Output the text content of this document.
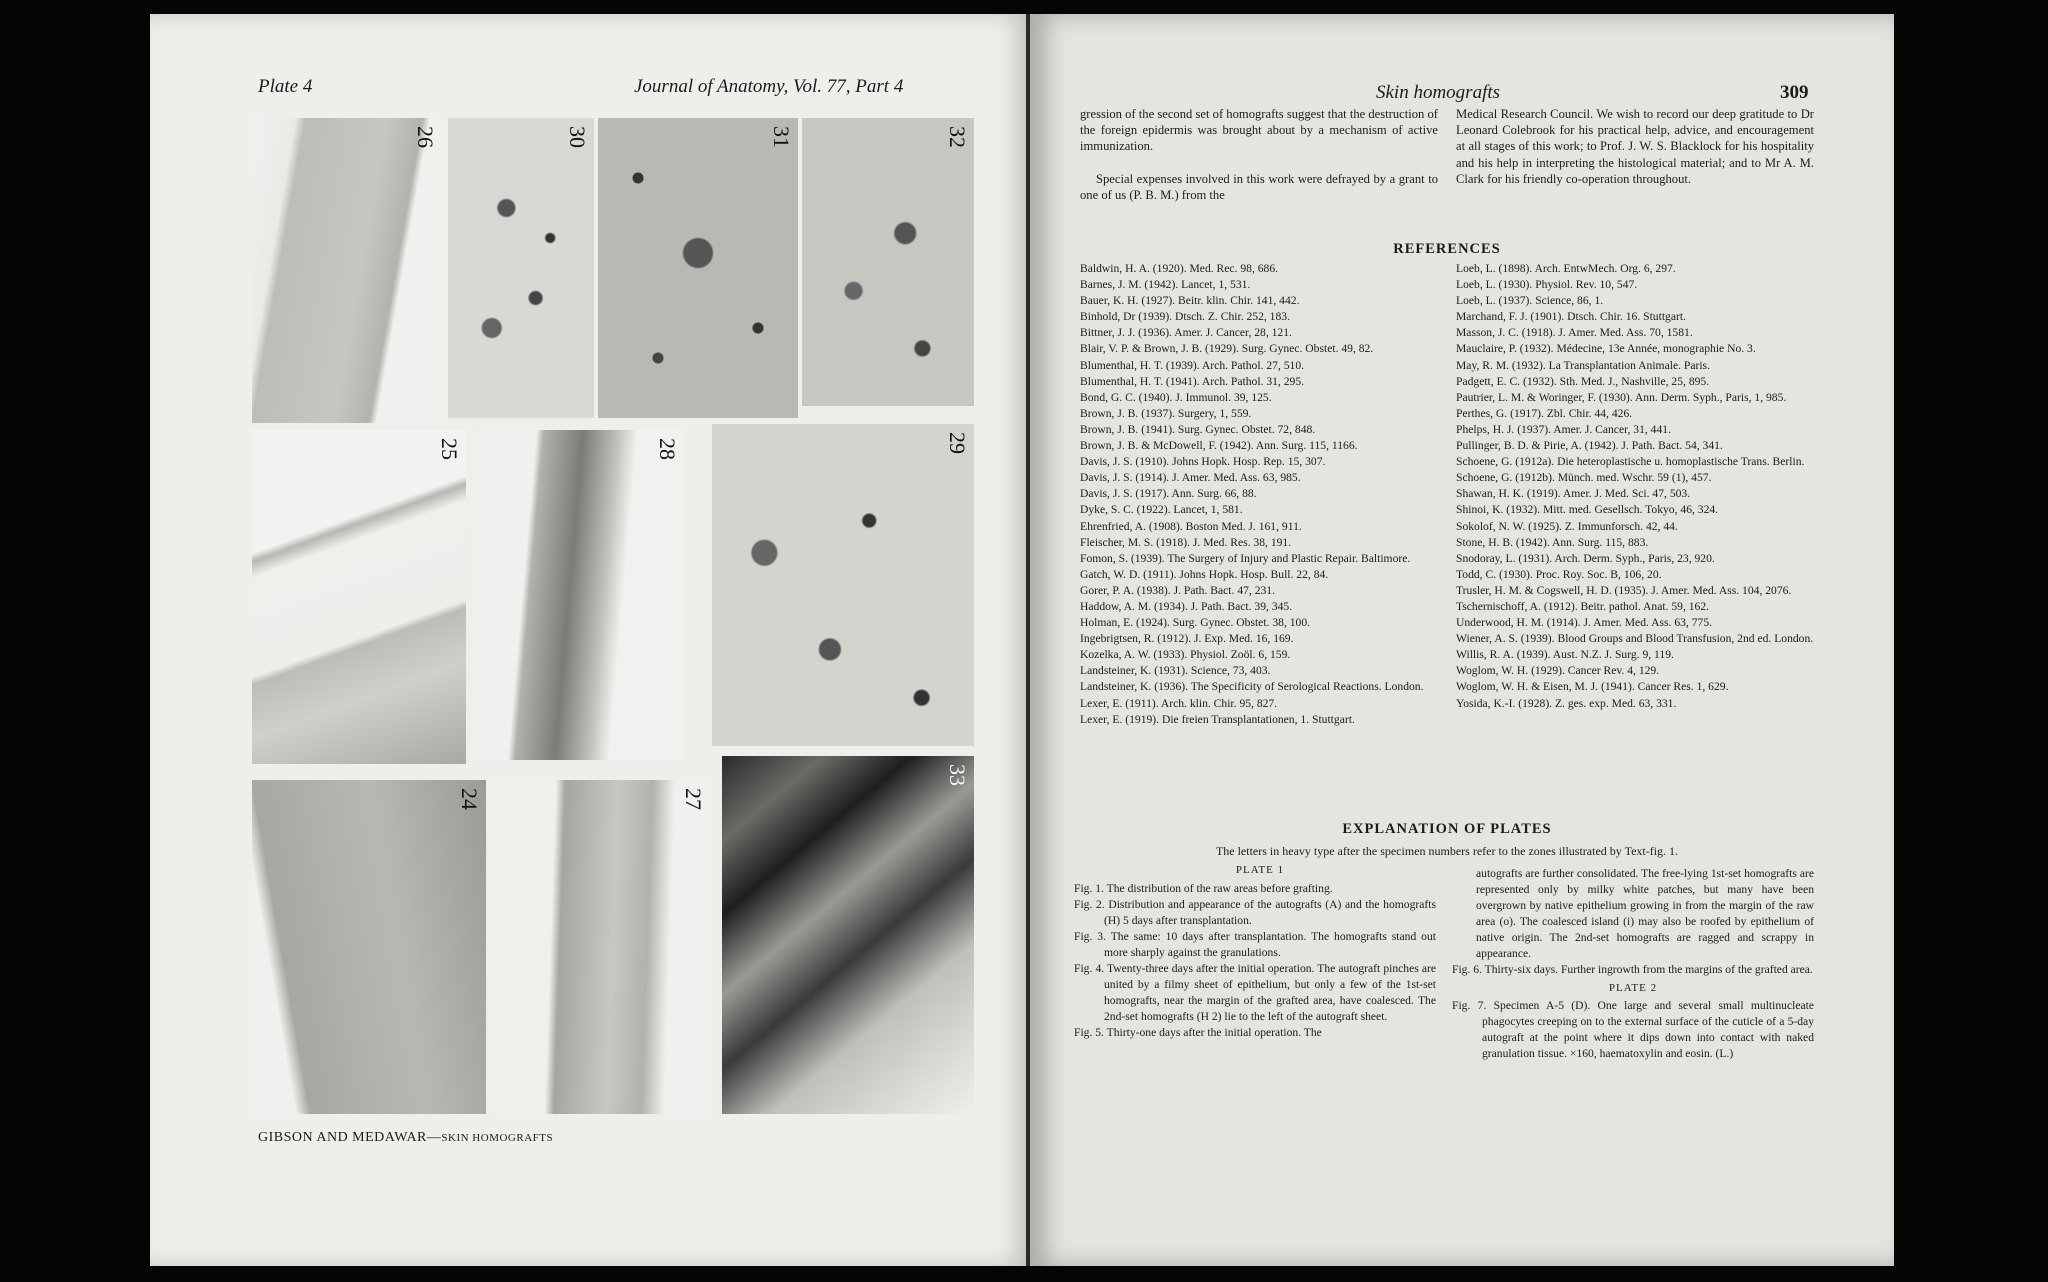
Plate 4	Journal of Anatomy, Vol. 77, Part 4
26	30	31	32
25	28	29
24	27
33
GIBSON AND MEDAWAR—SKIN HOMOGRAFTS
Skin homografts	309
gression of the second set of homografts suggest that the destruction of the foreign epidermis was brought about by a mechanism of active immunization.
Special expenses involved in this work were defrayed by a grant to one of us (P. B. M.) from the
Medical Research Council. We wish to record our deep gratitude to Dr Leonard Colebrook for his practical help, advice, and encouragement at all stages of this work; to Prof. J. W. S. Blacklock for his hospitality and his help in interpreting the histological material; and to Mr A. M. Clark for his friendly co-operation throughout.
REFERENCES
Baldwin, H. A. (1920). Med. Rec. 98, 686.
Barnes, J. M. (1942). Lancet, 1, 531.
Bauer, K. H. (1927). Beitr. klin. Chir. 141, 442.
Binhold, Dr (1939). Dtsch. Z. Chir. 252, 183.
Bittner, J. J. (1936). Amer. J. Cancer, 28, 121.
Blair, V. P. & Brown, J. B. (1929). Surg. Gynec. Obstet. 49, 82.
Blumenthal, H. T. (1939). Arch. Pathol. 27, 510.
Blumenthal, H. T. (1941). Arch. Pathol. 31, 295.
Bond, G. C. (1940). J. Immunol. 39, 125.
Brown, J. B. (1937). Surgery, 1, 559.
Brown, J. B. (1941). Surg. Gynec. Obstet. 72, 848.
Brown, J. B. & McDowell, F. (1942). Ann. Surg. 115, 1166.
Davis, J. S. (1910). Johns Hopk. Hosp. Rep. 15, 307.
Davis, J. S. (1914). J. Amer. Med. Ass. 63, 985.
Davis, J. S. (1917). Ann. Surg. 66, 88.
Dyke, S. C. (1922). Lancet, 1, 581.
Ehrenfried, A. (1908). Boston Med. J. 161, 911.
Fleischer, M. S. (1918). J. Med. Res. 38, 191.
Fomon, S. (1939). The Surgery of Injury and Plastic Repair. Baltimore.
Gatch, W. D. (1911). Johns Hopk. Hosp. Bull. 22, 84.
Gorer, P. A. (1938). J. Path. Bact. 47, 231.
Haddow, A. M. (1934). J. Path. Bact. 39, 345.
Holman, E. (1924). Surg. Gynec. Obstet. 38, 100.
Ingebrigtsen, R. (1912). J. Exp. Med. 16, 169.
Kozelka, A. W. (1933). Physiol. Zoöl. 6, 159.
Landsteiner, K. (1931). Science, 73, 403.
Landsteiner, K. (1936). The Specificity of Serological Reactions. London.
Lexer, E. (1911). Arch. klin. Chir. 95, 827.
Lexer, E. (1919). Die freien Transplantationen, 1. Stuttgart.
Loeb, L. (1898). Arch. EntwMech. Org. 6, 297.
Loeb, L. (1930). Physiol. Rev. 10, 547.
Loeb, L. (1937). Science, 86, 1.
Marchand, F. J. (1901). Dtsch. Chir. 16. Stuttgart.
Masson, J. C. (1918). J. Amer. Med. Ass. 70, 1581.
Mauclaire, P. (1932). Médecine, 13e Année, monographie No. 3.
May, R. M. (1932). La Transplantation Animale. Paris.
Padgett, E. C. (1932). Sth. Med. J., Nashville, 25, 895.
Pautrier, L. M. & Woringer, F. (1930). Ann. Derm. Syph., Paris, 1, 985.
Perthes, G. (1917). Zbl. Chir. 44, 426.
Phelps, H. J. (1937). Amer. J. Cancer, 31, 441.
Pullinger, B. D. & Pirie, A. (1942). J. Path. Bact. 54, 341.
Schoene, G. (1912a). Die heteroplastische u. homoplastische Trans. Berlin.
Schoene, G. (1912b). Münch. med. Wschr. 59 (1), 457.
Shawan, H. K. (1919). Amer. J. Med. Sci. 47, 503.
Shinoi, K. (1932). Mitt. med. Gesellsch. Tokyo, 46, 324.
Sokolof, N. W. (1925). Z. Immunforsch. 42, 44.
Stone, H. B. (1942). Ann. Surg. 115, 883.
Snodoray, L. (1931). Arch. Derm. Syph., Paris, 23, 920.
Todd, C. (1930). Proc. Roy. Soc. B, 106, 20.
Trusler, H. M. & Cogswell, H. D. (1935). J. Amer. Med. Ass. 104, 2076.
Tschernischoff, A. (1912). Beitr. pathol. Anat. 59, 162.
Underwood, H. M. (1914). J. Amer. Med. Ass. 63, 775.
Wiener, A. S. (1939). Blood Groups and Blood Transfusion, 2nd ed. London.
Willis, R. A. (1939). Aust. N.Z. J. Surg. 9, 119.
Woglom, W. H. (1929). Cancer Rev. 4, 129.
Woglom, W. H. & Eisen, M. J. (1941). Cancer Res. 1, 629.
Yosida, K.-I. (1928). Z. ges. exp. Med. 63, 331.
EXPLANATION OF PLATES
The letters in heavy type after the specimen numbers refer to the zones illustrated by Text-fig. 1.
PLATE 1
Fig. 1. The distribution of the raw areas before grafting.
Fig. 2. Distribution and appearance of the autografts (A) and the homografts (H) 5 days after transplantation.
Fig. 3. The same: 10 days after transplantation. The homografts stand out more sharply against the granulations.
Fig. 4. Twenty-three days after the initial operation. The autograft pinches are united by a filmy sheet of epithelium, but only a few of the 1st-set homografts, near the margin of the grafted area, have coalesced. The 2nd-set homografts (H 2) lie to the left of the autograft sheet.
Fig. 5. Thirty-one days after the initial operation. The
autografts are further consolidated. The free-lying 1st-set homografts are represented only by milky white patches, but many have been overgrown by native epithelium growing in from the margin of the raw area (o). The coalesced island (i) may also be roofed by epithelium of native origin. The 2nd-set homografts are ragged and scrappy in appearance.
Fig. 6. Thirty-six days. Further ingrowth from the margins of the grafted area.
PLATE 2
Fig. 7. Specimen A-5 (D). One large and several small multinucleate phagocytes creeping on to the external surface of the cuticle of a 5-day autograft at the point where it dips down into contact with naked granulation tissue. ×160, haematoxylin and eosin. (L.)
